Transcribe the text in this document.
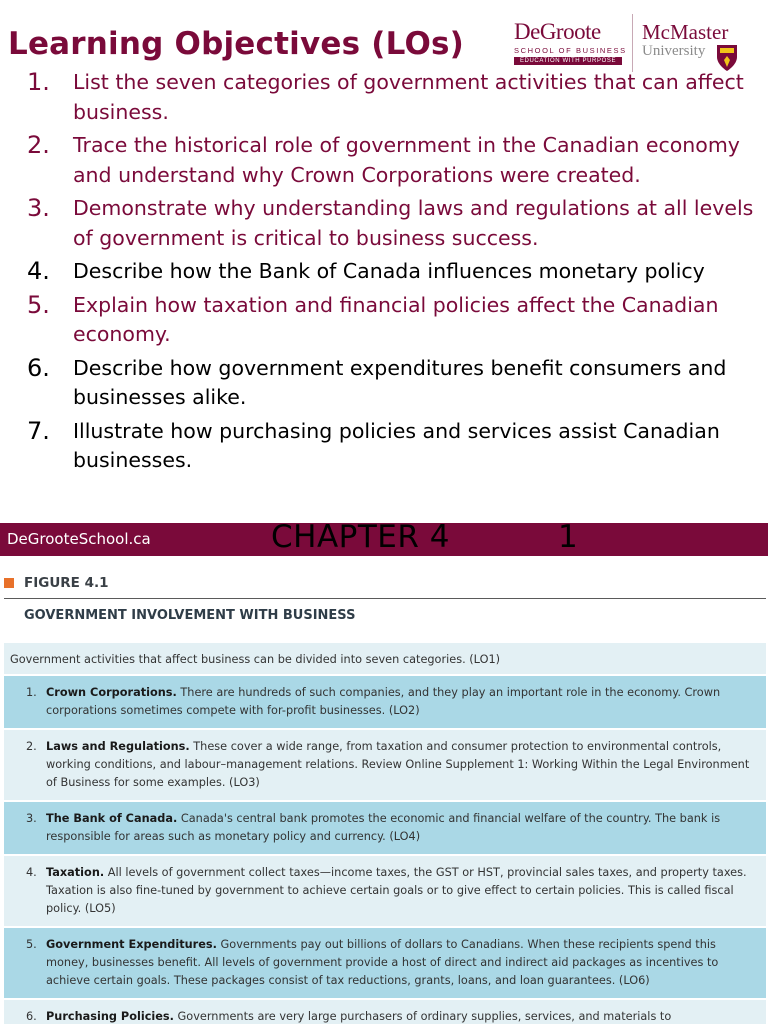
Learning Objectives (LOs) DeGroote
SCHOOL OF BUSINESS
EDUCATION WITH PURPOSE
McMaster
University
1. List the seven categories of government activities that can affect business.
2. Trace the historical role of government in the Canadian economy and understand why Crown Corporations were created.
3. Demonstrate why understanding laws and regulations at all levels of government is critical to business success.
4. Describe how the Bank of Canada influences monetary policy
5. Explain how taxation and financial policies affect the Canadian economy.
6. Describe how government expenditures benefit consumers and businesses alike.
7. Illustrate how purchasing policies and services assist Canadian businesses.
DeGrooteSchool.ca	CHAPTER 4	1
FIGURE 4.1
GOVERNMENT INVOLVEMENT WITH BUSINESS
Government activities that affect business can be divided into seven categories. (LO1)
1. Crown Corporations. There are hundreds of such companies, and they play an important role in the economy. Crown corporations sometimes compete with for-profit businesses. (LO2)
2. Laws and Regulations. These cover a wide range, from taxation and consumer protection to environmental controls, working conditions, and labour–management relations. Review Online Supplement 1: Working Within the Legal Environment of Business for some examples. (LO3)
3. The Bank of Canada. Canada's central bank promotes the economic and financial welfare of the country. The bank is responsible for areas such as monetary policy and currency. (LO4)
4. Taxation. All levels of government collect taxes—income taxes, the GST or HST, provincial sales taxes, and property taxes. Taxation is also fine-tuned by government to achieve certain goals or to give effect to certain policies. This is called fiscal policy. (LO5)
5. Government Expenditures. Governments pay out billions of dollars to Canadians. When these recipients spend this money, businesses benefit. All levels of government provide a host of direct and indirect aid packages as incentives to achieve certain goals. These packages consist of tax reductions, grants, loans, and loan guarantees. (LO6)
6. Purchasing Policies. Governments are very large purchasers of ordinary supplies, services, and materials to
